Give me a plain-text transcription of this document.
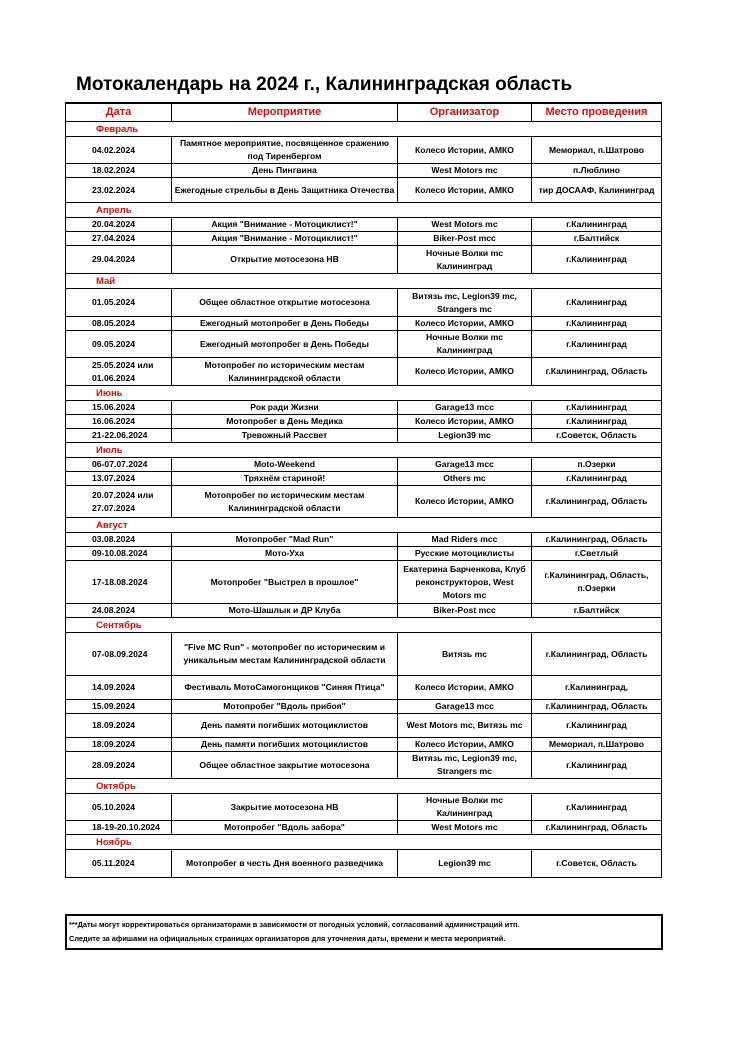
Мотокалендарь на 2024 г., Калининградская область
Дата	Мероприятие	Организатор	Место проведения
Февраль			
04.02.2024	Памятное мероприятие, посвященное сражению под Тиренбергом	Колесо Истории, АМКО	Мемориал, п.Шатрово
18.02.2024	День Пингвина	West Motors mc	п.Люблино
23.02.2024	Ежегодные стрельбы в День Защитника Отечества	Колесо Истории, АМКО	тир ДОСААФ, Калининград
Апрель			
20.04.2024	Акция "Внимание - Мотоциклист!"	West Motors mc	г.Калининград
27.04.2024	Акция "Внимание - Мотоциклист!"	Biker-Post mcc	г.Балтийск
29.04.2024	Открытие мотосезона НВ	Ночные Волки mc Калининград	г.Калининград
Май			
01.05.2024	Общее областное открытие мотосезона	Витязь mc, Legion39 mc, Strangers mc	г.Калининград
08.05.2024	Ежегодный мотопробег в День Победы	Колесо Истории, АМКО	г.Калининград
09.05.2024	Ежегодный мотопробег в День Победы	Ночные Волки mc Калининград	г.Калининград
25.05.2024 или 01.06.2024	Мотопробег по историческим местам Калининградской области	Колесо Истории, АМКО	г.Калининград, Область
Июнь			
15.06.2024	Рок ради Жизни	Garage13 mcc	г.Калининград
16.06.2024	Мотопробег в День Медика	Колесо Истории, АМКО	г.Калининград
21-22.06.2024	Тревожный Рассвет	Legion39 mc	г.Советск, Область
Июль			
06-07.07.2024	Moto-Weekend	Garage13 mcc	п.Озерки
13.07.2024	Тряхнём стариной!	Others mc	г.Калининград
20.07.2024 или 27.07.2024	Мотопробег по историческим местам Калининградской области	Колесо Истории, АМКО	г.Калининград, Область
Август			
03.08.2024	Мотопробег "Mad Run"	Mad Riders mcc	г.Калининград, Область
09-10.08.2024	Мото-Уха	Русские мотоциклисты	г.Светлый
17-18.08.2024	Мотопробег "Выстрел в прошлое"	Екатерина Барченкова, Клуб реконструкторов, West Motors mc	г.Калининград, Область, п.Озерки
24.08.2024	Мото-Шашлык и ДР Клуба	Biker-Post mcc	г.Балтийск
Сентябрь			
07-08.09.2024	"Five MC Run" - мотопробег по историческим и уникальным местам Калининградской области	Витязь mc	г.Калининград, Область
14.09.2024	Фестиваль МотоСамогонщиков "Синяя Птица"	Колесо Истории, АМКО	г.Калининград,
15.09.2024	Мотопробег "Вдоль прибоя"	Garage13 mcc	г.Калининград, Область
18.09.2024	День памяти погибших мотоциклистов	West Motors mc, Витязь mc	г.Калининград
18.09.2024	День памяти погибших мотоциклистов	Колесо Истории, АМКО	Мемориал, п.Шатрово
28.09.2024	Общее областное закрытие мотосезона	Витязь mc, Legion39 mc, Strangers mc	г.Калининград
Октябрь			
05.10.2024	Закрытие мотосезона НВ	Ночные Волки mc Калининград	г.Калининград
18-19-20.10.2024	Мотопробег "Вдоль забора"	West Motors mc	г.Калининград, Область
Ноябрь			
05.11.2024	Мотопробег в честь Дня военного разведчика	Legion39 mc	г.Советск, Область
***Даты могут корректироваться организаторами в зависимости от погодных условий, согласований администраций итп.
Следите за афишами на официальных страницах организаторов для уточнения даты, времени и места мероприятий.
